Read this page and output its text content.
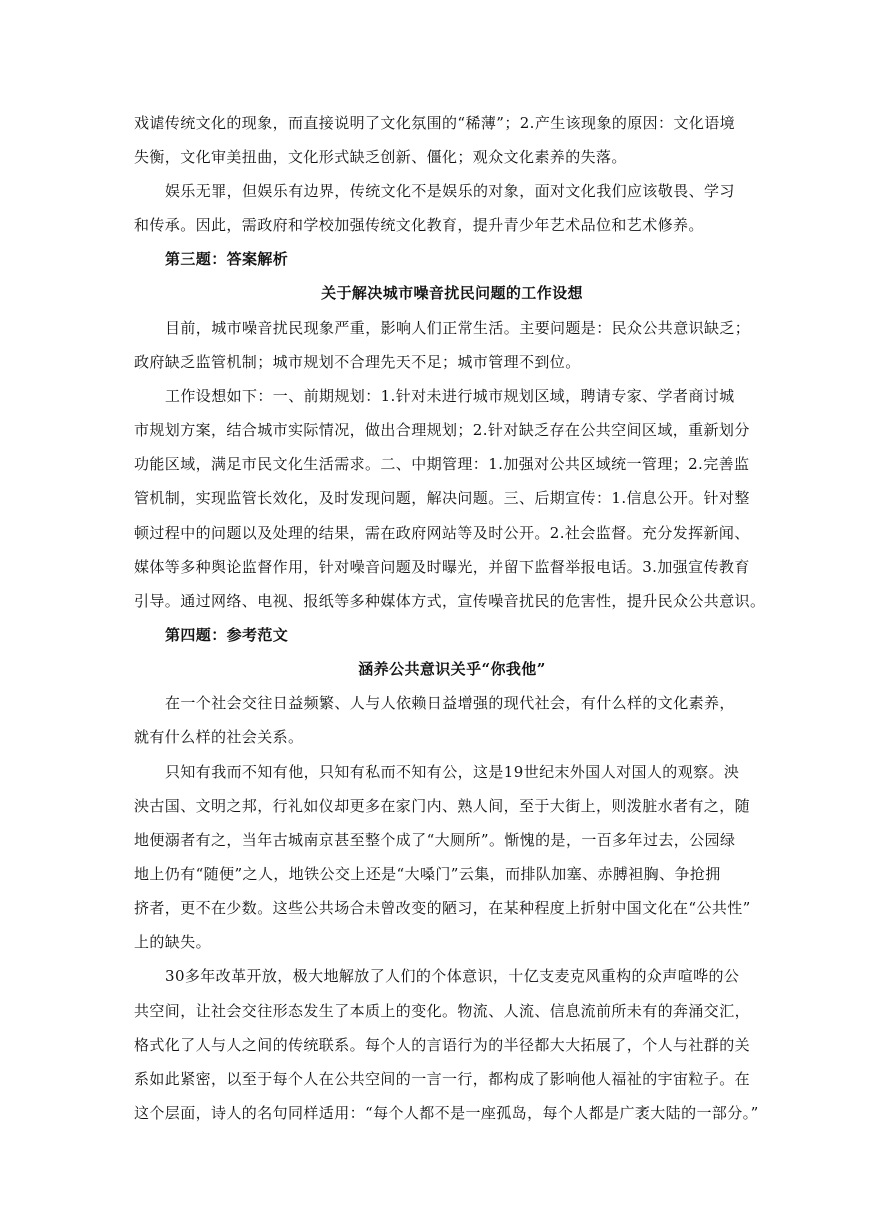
戏谑传统文化的现象，而直接说明了文化氛围的“稀薄”；2.产生该现象的原因：文化语境
失衡，文化审美扭曲，文化形式缺乏创新、僵化；观众文化素养的失落。
娱乐无罪，但娱乐有边界，传统文化不是娱乐的对象，面对文化我们应该敬畏、学习
和传承。因此，需政府和学校加强传统文化教育，提升青少年艺术品位和艺术修养。
第三题：答案解析
关于解决城市噪音扰民问题的工作设想
目前，城市噪音扰民现象严重，影响人们正常生活。主要问题是：民众公共意识缺乏；
政府缺乏监管机制；城市规划不合理先天不足；城市管理不到位。
工作设想如下：一、前期规划：1.针对未进行城市规划区域，聘请专家、学者商讨城
市规划方案，结合城市实际情况，做出合理规划；2.针对缺乏存在公共空间区域，重新划分
功能区域，满足市民文化生活需求。二、中期管理：1.加强对公共区域统一管理；2.完善监
管机制，实现监管长效化，及时发现问题，解决问题。三、后期宣传：1.信息公开。针对整
顿过程中的问题以及处理的结果，需在政府网站等及时公开。2.社会监督。充分发挥新闻、
媒体等多种舆论监督作用，针对噪音问题及时曝光，并留下监督举报电话。3.加强宣传教育
引导。通过网络、电视、报纸等多种媒体方式，宣传噪音扰民的危害性，提升民众公共意识。
第四题：参考范文
涵养公共意识关乎“你我他”
在一个社会交往日益频繁、人与人依赖日益增强的现代社会，有什么样的文化素养，
就有什么样的社会关系。
只知有我而不知有他，只知有私而不知有公，这是19世纪末外国人对国人的观察。泱
泱古国、文明之邦，行礼如仪却更多在家门内、熟人间，至于大街上，则泼脏水者有之，随
地便溺者有之，当年古城南京甚至整个成了“大厕所”。惭愧的是，一百多年过去，公园绿
地上仍有“随便”之人，地铁公交上还是“大嗓门”云集，而排队加塞、赤膊袒胸、争抢拥
挤者，更不在少数。这些公共场合未曾改变的陋习，在某种程度上折射中国文化在“公共性”
上的缺失。
30多年改革开放，极大地解放了人们的个体意识，十亿支麦克风重构的众声喧哗的公
共空间，让社会交往形态发生了本质上的变化。物流、人流、信息流前所未有的奔涌交汇，
格式化了人与人之间的传统联系。每个人的言语行为的半径都大大拓展了，个人与社群的关
系如此紧密，以至于每个人在公共空间的一言一行，都构成了影响他人福祉的宇宙粒子。在
这个层面，诗人的名句同样适用：“每个人都不是一座孤岛，每个人都是广袤大陆的一部分。”
